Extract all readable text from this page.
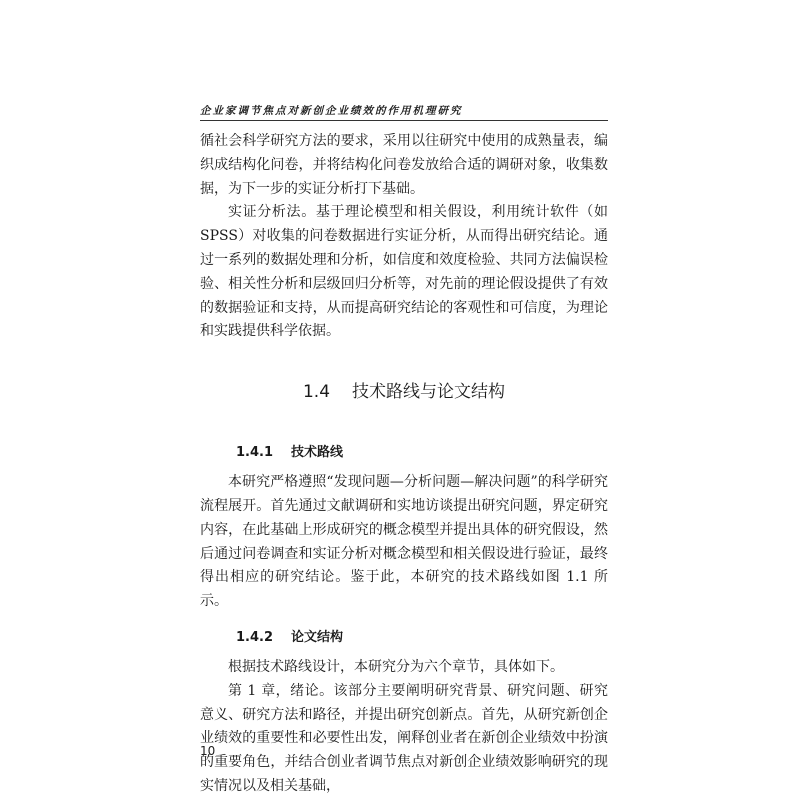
企业家调节焦点对新创企业绩效的作用机理研究

循社会科学研究方法的要求，采用以往研究中使用的成熟量表，编织成结构化问卷，并将结构化问卷发放给合适的调研对象，收集数据，为下一步的实证分析打下基础。

实证分析法。基于理论模型和相关假设，利用统计软件（如 SPSS）对收集的问卷数据进行实证分析，从而得出研究结论。通过一系列的数据处理和分析，如信度和效度检验、共同方法偏误检验、相关性分析和层级回归分析等，对先前的理论假设提供了有效的数据验证和支持，从而提高研究结论的客观性和可信度，为理论和实践提供科学依据。

1.4 技术路线与论文结构
1.4.1 技术路线

本研究严格遵照“发现问题—分析问题—解决问题”的科学研究流程展开。首先通过文献调研和实地访谈提出研究问题，界定研究内容，在此基础上形成研究的概念模型并提出具体的研究假设，然后通过问卷调查和实证分析对概念模型和相关假设进行验证，最终得出相应的研究结论。鉴于此，本研究的技术路线如图 1.1 所示。

1.4.2 论文结构

根据技术路线设计，本研究分为六个章节，具体如下。

第 1 章，绪论。该部分主要阐明研究背景、研究问题、研究意义、研究方法和路径，并提出研究创新点。首先，从研究新创企业绩效的重要性和必要性出发，阐释创业者在新创企业绩效中扮演的重要角色，并结合创业者调节焦点对新创企业绩效影响研究的现实情况以及相关基础，

10
